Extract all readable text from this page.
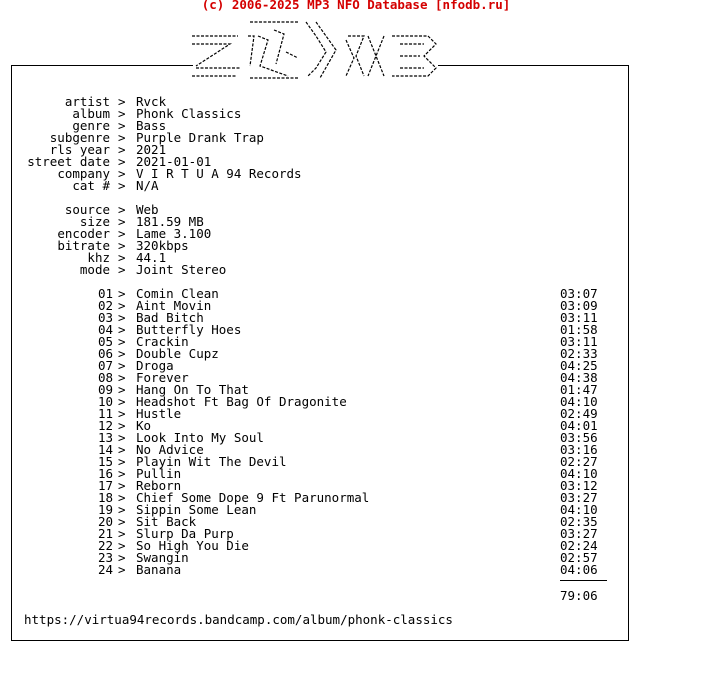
(c) 2006-2025 MP3 NFO Database [nfodb.ru]
artist > Rvck
album > Phonk Classics
genre > Bass
subgenre > Purple Drank Trap
rls year > 2021
street date > 2021-01-01
company > V I R T U A 94 Records
cat # > N/A
source > Web
size > 181.59 MB
encoder > Lame 3.100
bitrate > 320kbps
khz > 44.1
mode > Joint Stereo
01 > Comin Clean	03:07
02 > Aint Movin	03:09
03 > Bad Bitch	03:11
04 > Butterfly Hoes	01:58
05 > Crackin	03:11
06 > Double Cupz	02:33
07 > Droga	04:25
08 > Forever	04:38
09 > Hang On To That	01:47
10 > Headshot Ft Bag Of Dragonite	04:10
11 > Hustle	02:49
12 > Ko	04:01
13 > Look Into My Soul	03:56
14 > No Advice	03:16
15 > Playin Wit The Devil	02:27
16 > Pullin	04:10
17 > Reborn	03:12
18 > Chief Some Dope 9 Ft Parunormal	03:27
19 > Sippin Some Lean	04:10
20 > Sit Back	02:35
21 > Slurp Da Purp	03:27
22 > So High You Die	02:24
23 > Swangin	02:57
24 > Banana	04:06
79:06
https://virtua94records.bandcamp.com/album/phonk-classics
